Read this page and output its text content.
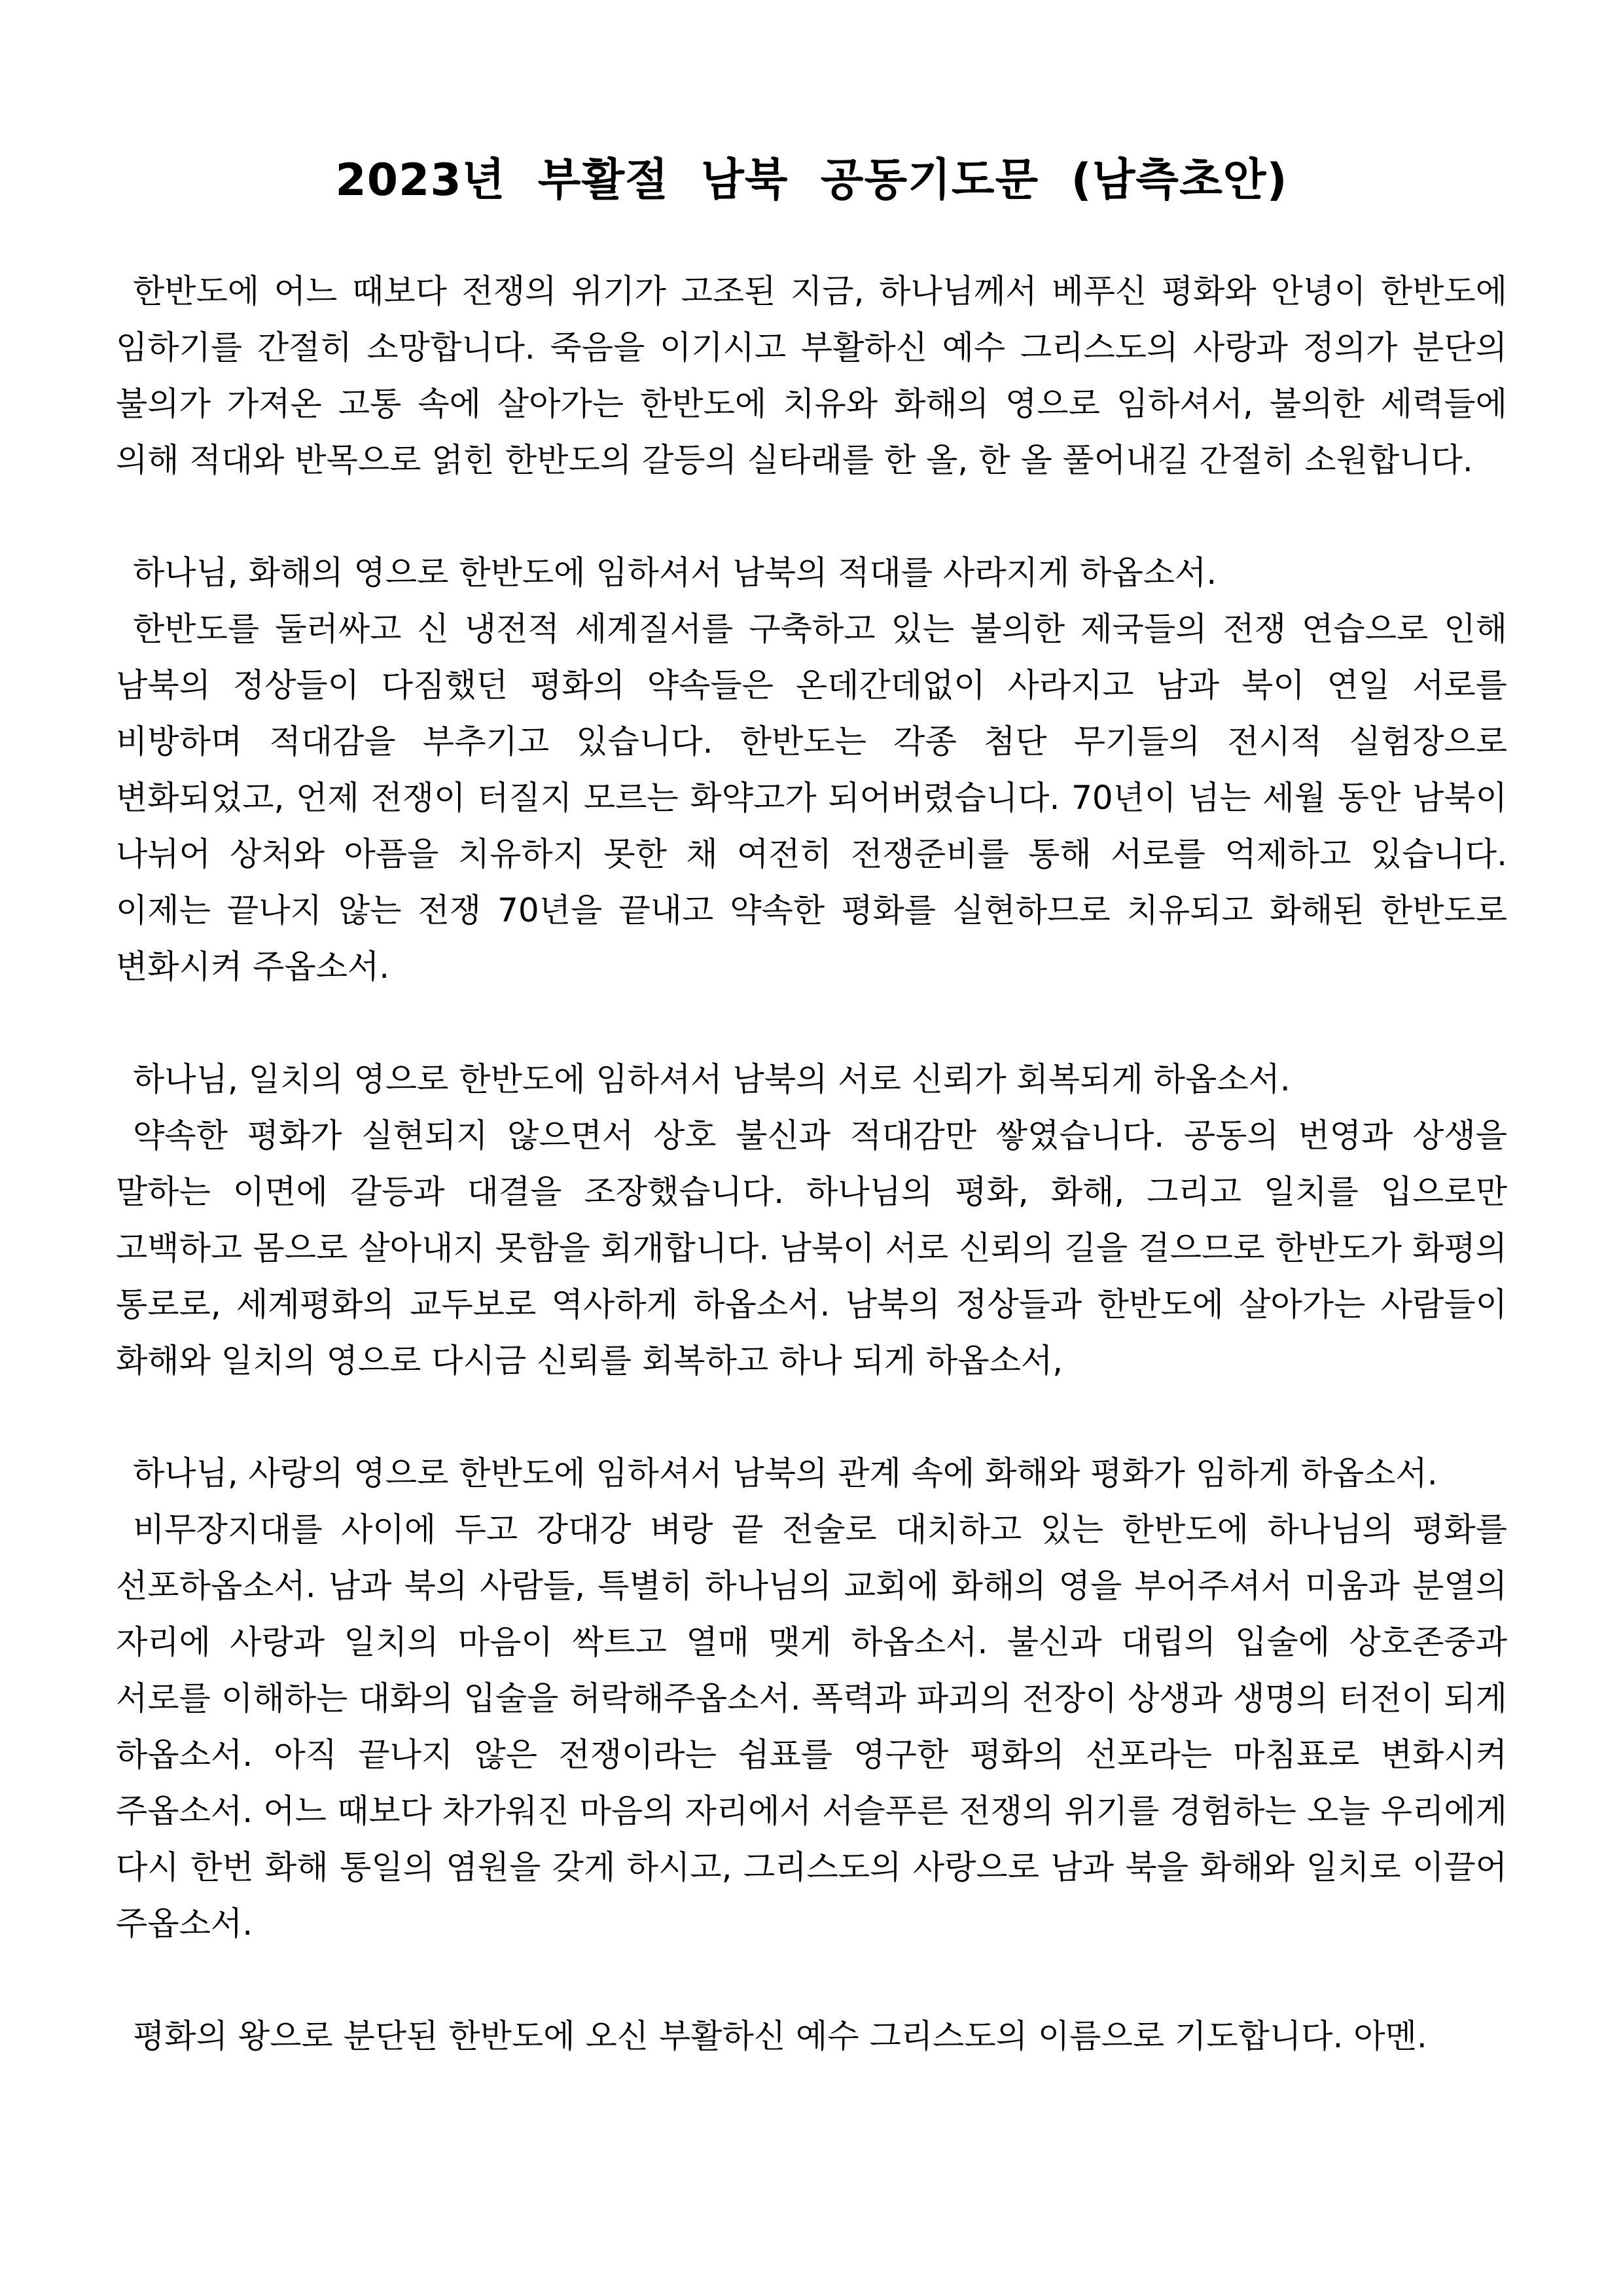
2023년  부활절  남북  공동기도문  (남측초안)

한반도에 어느 때보다 전쟁의 위기가 고조된 지금, 하나님께서 베푸신 평화와 안녕이 한반도에 임하기를 간절히 소망합니다. 죽음을 이기시고 부활하신 예수 그리스도의 사랑과 정의가 분단의 불의가 가져온 고통 속에 살아가는 한반도에 치유와 화해의 영으로 임하셔서, 불의한 세력들에 의해 적대와 반목으로 얽힌 한반도의 갈등의 실타래를 한 올, 한 올 풀어내길 간절히 소원합니다.

하나님, 화해의 영으로 한반도에 임하셔서 남북의 적대를 사라지게 하옵소서.

한반도를 둘러싸고 신 냉전적 세계질서를 구축하고 있는 불의한 제국들의 전쟁 연습으로 인해 남북의 정상들이 다짐했던 평화의 약속들은 온데간데없이 사라지고 남과 북이 연일 서로를 비방하며 적대감을 부추기고 있습니다. 한반도는 각종 첨단 무기들의 전시적 실험장으로 변화되었고, 언제 전쟁이 터질지 모르는 화약고가 되어버렸습니다. 70년이 넘는 세월 동안 남북이 나뉘어 상처와 아픔을 치유하지 못한 채 여전히 전쟁준비를 통해 서로를 억제하고 있습니다. 이제는 끝나지 않는 전쟁 70년을 끝내고 약속한 평화를 실현하므로 치유되고 화해된 한반도로 변화시켜 주옵소서.

하나님, 일치의 영으로 한반도에 임하셔서 남북의 서로 신뢰가 회복되게 하옵소서.

약속한 평화가 실현되지 않으면서 상호 불신과 적대감만 쌓였습니다. 공동의 번영과 상생을 말하는 이면에 갈등과 대결을 조장했습니다. 하나님의 평화, 화해, 그리고 일치를 입으로만 고백하고 몸으로 살아내지 못함을 회개합니다. 남북이 서로 신뢰의 길을 걸으므로 한반도가 화평의 통로로, 세계평화의 교두보로 역사하게 하옵소서. 남북의 정상들과 한반도에 살아가는 사람들이 화해와 일치의 영으로 다시금 신뢰를 회복하고 하나 되게 하옵소서,

하나님, 사랑의 영으로 한반도에 임하셔서 남북의 관계 속에 화해와 평화가 임하게 하옵소서.

비무장지대를 사이에 두고 강대강 벼랑 끝 전술로 대치하고 있는 한반도에 하나님의 평화를 선포하옵소서. 남과 북의 사람들, 특별히 하나님의 교회에 화해의 영을 부어주셔서 미움과 분열의 자리에 사랑과 일치의 마음이 싹트고 열매 맺게 하옵소서. 불신과 대립의 입술에 상호존중과 서로를 이해하는 대화의 입술을 허락해주옵소서. 폭력과 파괴의 전장이 상생과 생명의 터전이 되게 하옵소서. 아직 끝나지 않은 전쟁이라는 쉼표를 영구한 평화의 선포라는 마침표로 변화시켜 주옵소서. 어느 때보다 차가워진 마음의 자리에서 서슬푸른 전쟁의 위기를 경험하는 오늘 우리에게 다시 한번 화해 통일의 염원을 갖게 하시고, 그리스도의 사랑으로 남과 북을 화해와 일치로 이끌어 주옵소서.

평화의 왕으로 분단된 한반도에 오신 부활하신 예수 그리스도의 이름으로 기도합니다. 아멘.
